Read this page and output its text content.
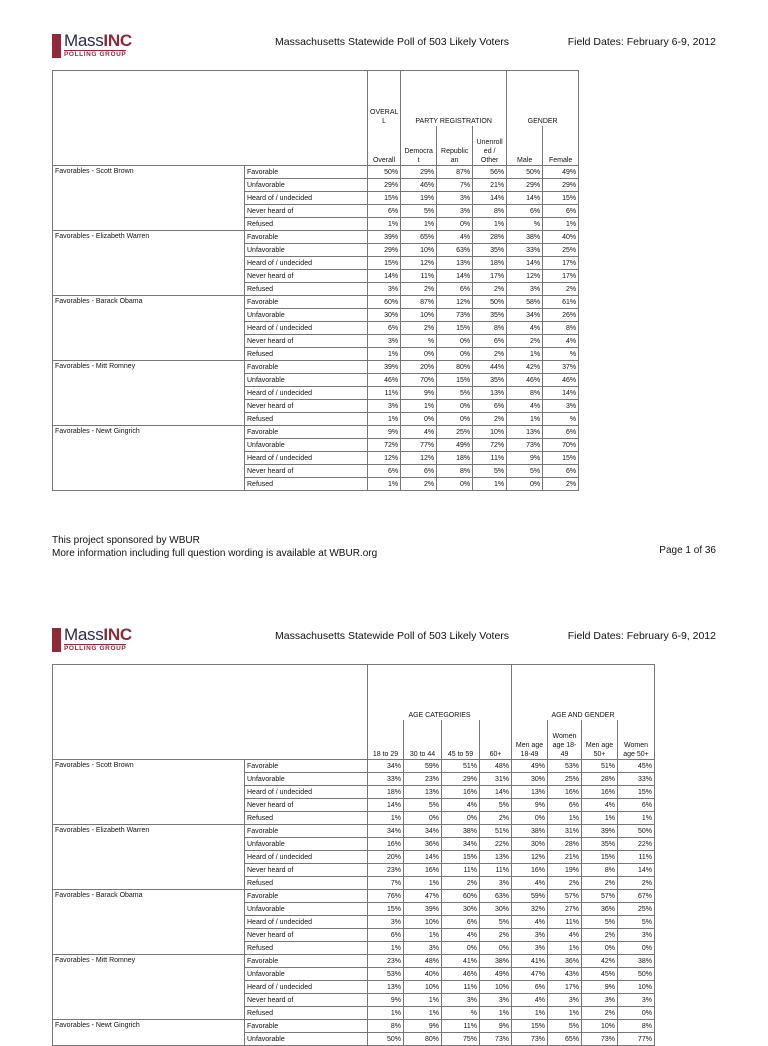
MassINC
POLLING GROUP
Massachusetts Statewide Poll of 503 Likely Voters	Field Dates: February 6-9, 2012
		OVERAL L	PARTY REGISTRATION			GENDER	
		Overall	Democra t	Republic an	Unenroll ed / Other	Male	Female
Favorables - Scott Brown	Favorable	50%	29%	87%	56%	50%	49%
	Unfavorable	29%	46%	7%	21%	29%	29%
	Heard of / undecided	15%	19%	3%	14%	14%	15%
	Never heard of	6%	5%	3%	8%	6%	6%
	Refused	1%	1%	0%	1%	%	1%
Favorables - Elizabeth Warren	Favorable	39%	65%	4%	28%	38%	40%
	Unfavorable	29%	10%	63%	35%	33%	25%
	Heard of / undecided	15%	12%	13%	18%	14%	17%
	Never heard of	14%	11%	14%	17%	12%	17%
	Refused	3%	2%	6%	2%	3%	2%
Favorables - Barack Obama	Favorable	60%	87%	12%	50%	58%	61%
	Unfavorable	30%	10%	73%	35%	34%	26%
	Heard of / undecided	6%	2%	15%	8%	4%	8%
	Never heard of	3%	%	0%	6%	2%	4%
	Refused	1%	0%	0%	2%	1%	%
Favorables - Mitt Romney	Favorable	39%	20%	80%	44%	42%	37%
	Unfavorable	46%	70%	15%	35%	46%	46%
	Heard of / undecided	11%	9%	5%	13%	8%	14%
	Never heard of	3%	1%	0%	6%	4%	3%
	Refused	1%	0%	0%	2%	1%	%
Favorables - Newt Gingrich	Favorable	9%	4%	25%	10%	13%	6%
	Unfavorable	72%	77%	49%	72%	73%	70%
	Heard of / undecided	12%	12%	18%	11%	9%	15%
	Never heard of	6%	6%	8%	5%	5%	6%
	Refused	1%	2%	0%	1%	0%	2%
This project sponsored by WBUR
More information including full question wording is available at WBUR.org	Page 1 of 36
MassINC
POLLING GROUP
Massachusetts Statewide Poll of 503 Likely Voters	Field Dates: February 6-9, 2012
		AGE CATEGORIES				AGE AND GENDER			
		18 to 29	30 to 44	45 to 59	60+	Men age 18-49	Women age 18- 49	Men age 50+	Women age 50+
Favorables - Scott Brown	Favorable	34%	59%	51%	48%	49%	53%	51%	45%
	Unfavorable	33%	23%	29%	31%	30%	25%	28%	33%
	Heard of / undecided	18%	13%	16%	14%	13%	16%	16%	15%
	Never heard of	14%	5%	4%	5%	9%	6%	4%	6%
	Refused	1%	0%	0%	2%	0%	1%	1%	1%
Favorables - Elizabeth Warren	Favorable	34%	34%	38%	51%	38%	31%	39%	50%
	Unfavorable	16%	36%	34%	22%	30%	28%	35%	22%
	Heard of / undecided	20%	14%	15%	13%	12%	21%	15%	11%
	Never heard of	23%	16%	11%	11%	16%	19%	8%	14%
	Refused	7%	1%	2%	3%	4%	2%	2%	2%
Favorables - Barack Obama	Favorable	76%	47%	60%	63%	59%	57%	57%	67%
	Unfavorable	15%	39%	30%	30%	32%	27%	36%	25%
	Heard of / undecided	3%	10%	6%	5%	4%	11%	5%	5%
	Never heard of	6%	1%	4%	2%	3%	4%	2%	3%
	Refused	1%	3%	0%	0%	3%	1%	0%	0%
Favorables - Mitt Romney	Favorable	23%	48%	41%	38%	41%	36%	42%	38%
	Unfavorable	53%	40%	46%	49%	47%	43%	45%	50%
	Heard of / undecided	13%	10%	11%	10%	6%	17%	9%	10%
	Never heard of	9%	1%	3%	3%	4%	3%	3%	3%
	Refused	1%	1%	%	1%	1%	1%	2%	0%
Favorables - Newt Gingrich	Favorable	8%	9%	11%	9%	15%	5%	10%	8%
	Unfavorable	50%	80%	75%	73%	73%	65%	73%	77%
